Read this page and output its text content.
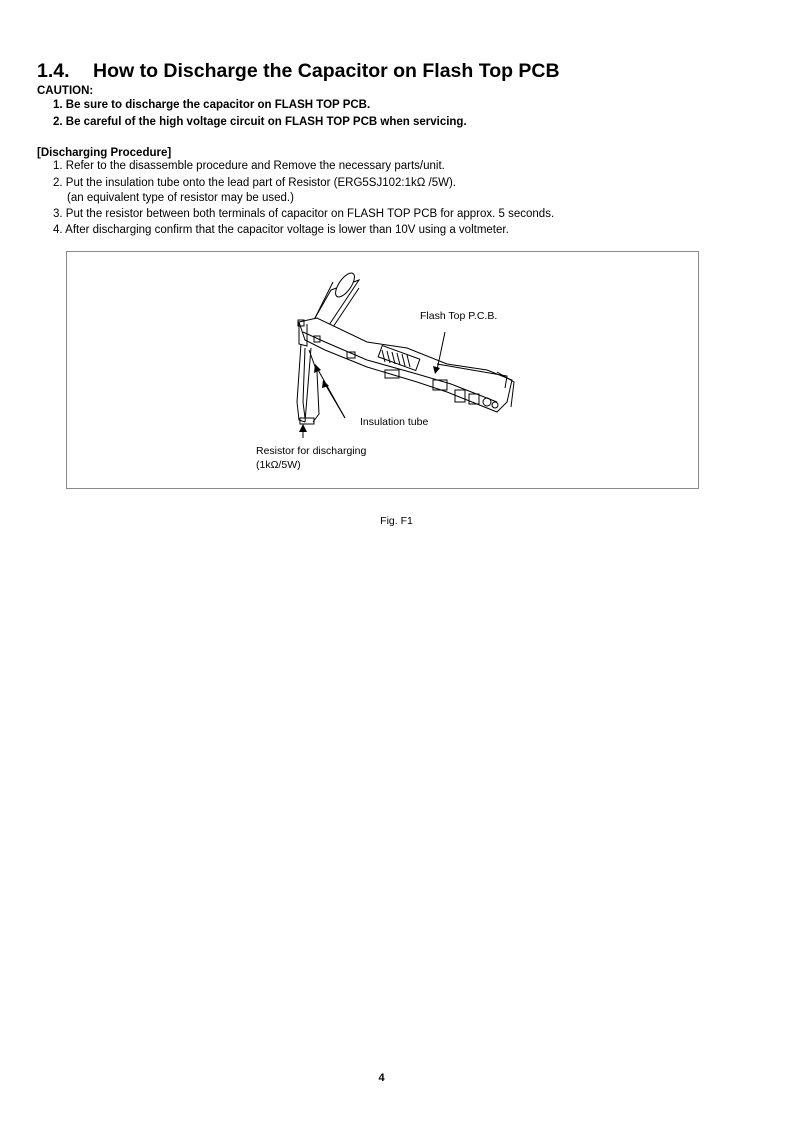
1.4. How to Discharge the Capacitor on Flash Top PCB
CAUTION:
1. Be sure to discharge the capacitor on FLASH TOP PCB.
2. Be careful of the high voltage circuit on FLASH TOP PCB when servicing.
[Discharging Procedure]
1. Refer to the disassemble procedure and Remove the necessary parts/unit.
2. Put the insulation tube onto the lead part of Resistor (ERG5SJ102:1kΩ /5W).
(an equivalent type of resistor may be used.)
3. Put the resistor between both terminals of capacitor on FLASH TOP PCB for approx. 5 seconds.
4. After discharging confirm that the capacitor voltage is lower than 10V using a voltmeter.
Flash Top P.C.B.
Insulation tube
Resistor for discharging
(1kΩ/5W)
Fig. F1
4
